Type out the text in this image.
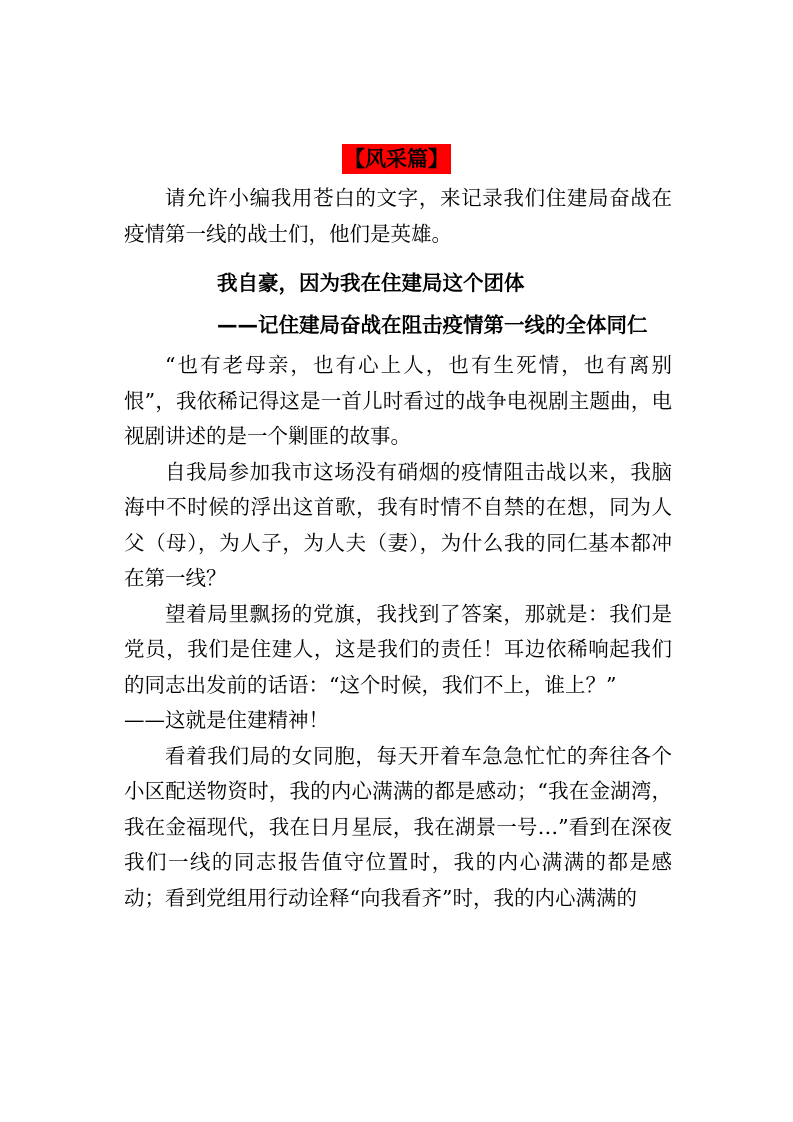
【风采篇】

请允许小编我用苍白的文字，来记录我们住建局奋战在疫情第一线的战士们，他们是英雄。

我自豪，因为我在住建局这个团体
——记住建局奋战在阻击疫情第一线的全体同仁

“也有老母亲，也有心上人，也有生死情，也有离别恨”，我依稀记得这是一首儿时看过的战争电视剧主题曲，电视剧讲述的是一个剿匪的故事。

自我局参加我市这场没有硝烟的疫情阻击战以来，我脑海中不时候的浮出这首歌，我有时情不自禁的在想，同为人父（母），为人子，为人夫（妻），为什么我的同仁基本都冲在第一线？

望着局里飘扬的党旗，我找到了答案，那就是：我们是党员，我们是住建人，这是我们的责任！耳边依稀响起我们的同志出发前的话语：“这个时候，我们不上，谁上？”

——这就是住建精神！

看着我们局的女同胞，每天开着车急急忙忙的奔往各个小区配送物资时，我的内心满满的都是感动；“我在金湖湾，我在金福现代，我在日月星辰，我在湖景一号…”看到在深夜我们一线的同志报告值守位置时，我的内心满满的都是感动；看到党组用行动诠释“向我看齐”时，我的内心满满的
